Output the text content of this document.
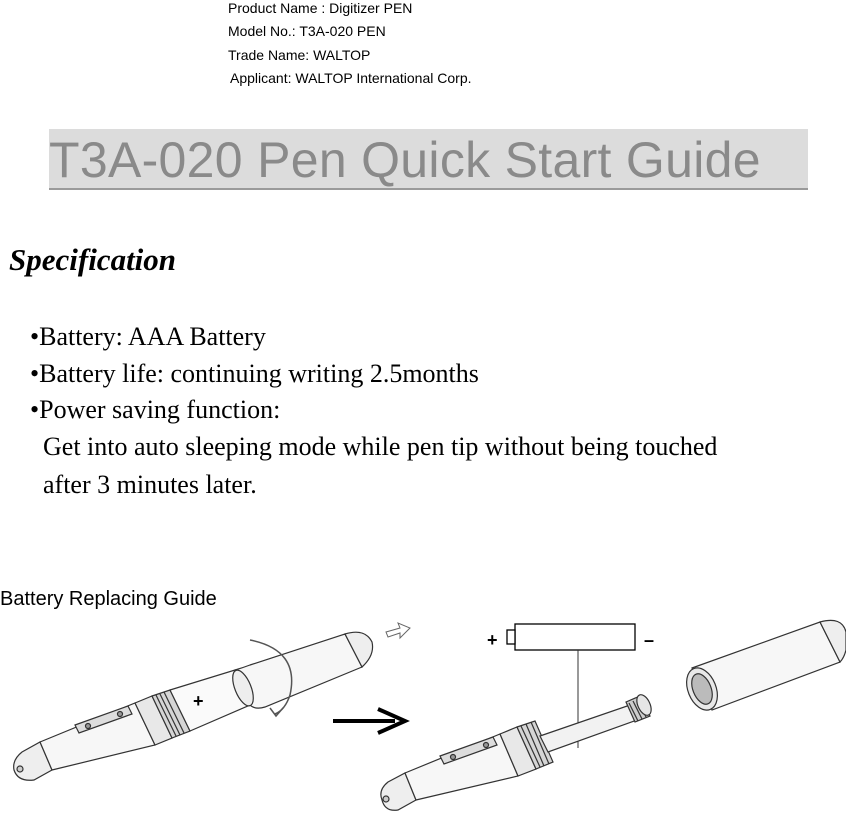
Product Name : Digitizer PEN
Model No.: T3A-020 PEN
Trade Name: WALTOP
Applicant: WALTOP International Corp.
T3A-020 Pen Quick Start Guide
Specification
•Battery: AAA Battery
•Battery life: continuing writing 2.5months
•Power saving function:
Get into auto sleeping mode while pen tip without being touched
after 3 minutes later.
Battery Replacing Guide
+
+	–
